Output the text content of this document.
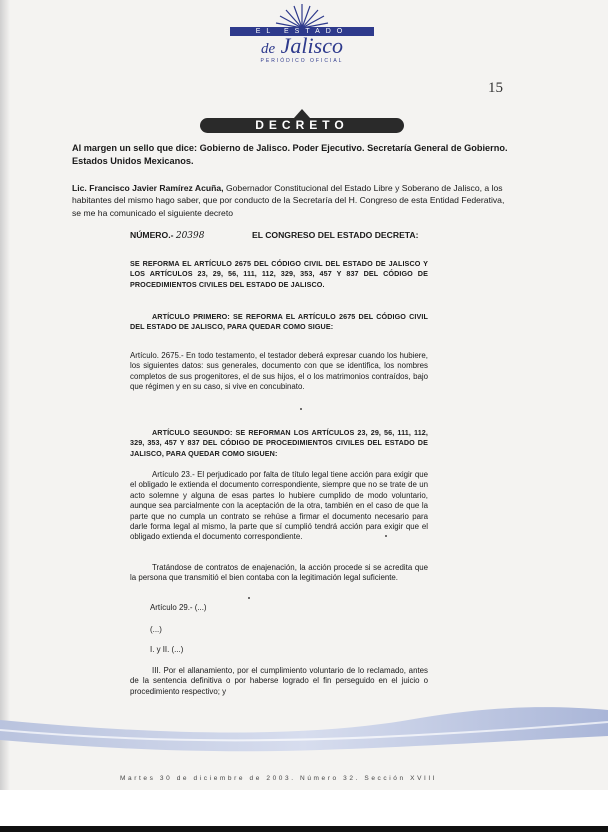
EL ESTADO
de Jalisco
PERIÓDICO OFICIAL
15
DECRETO
Al margen un sello que dice: Gobierno de Jalisco. Poder Ejecutivo. Secretaría General de Gobierno. Estados Unidos Mexicanos.
Lic. Francisco Javier Ramírez Acuña, Gobernador Constitucional del Estado Libre y Soberano de Jalisco, a los habitantes del mismo hago saber, que por conducto de la Secretaría del H. Congreso de esta Entidad Federativa, se me ha comunicado el siguiente decreto
NÚMERO.- 20398	EL CONGRESO DEL ESTADO DECRETA:
SE REFORMA EL ARTÍCULO 2675 DEL CÓDIGO CIVIL DEL ESTADO DE JALISCO Y LOS ARTÍCULOS 23, 29, 56, 111, 112, 329, 353, 457 Y 837 DEL CÓDIGO DE PROCEDIMIENTOS CIVILES DEL ESTADO DE JALISCO.
ARTÍCULO PRIMERO: SE REFORMA EL ARTÍCULO 2675 DEL CÓDIGO CIVIL DEL ESTADO DE JALISCO, PARA QUEDAR COMO SIGUE:
Artículo. 2675.- En todo testamento, el testador deberá expresar cuando los hubiere, los siguientes datos: sus generales, documento con que se identifica, los nombres completos de sus progenitores, el de sus hijos, el o los matrimonios contraídos, bajo que régimen y en su caso, si vive en concubinato.
ARTÍCULO SEGUNDO: SE REFORMAN LOS ARTÍCULOS 23, 29, 56, 111, 112, 329, 353, 457 Y 837 DEL CÓDIGO DE PROCEDIMIENTOS CIVILES DEL ESTADO DE JALISCO, PARA QUEDAR COMO SIGUEN:
Artículo 23.- El perjudicado por falta de título legal tiene acción para exigir que el obligado le extienda el documento correspondiente, siempre que no se trate de un acto solemne y alguna de esas partes lo hubiere cumplido de modo voluntario, aunque sea parcialmente con la aceptación de la otra, también en el caso de que la parte que no cumpla un contrato se rehúse a firmar el documento necesario para darle forma legal al mismo, la parte que sí cumplió tendrá acción para exigir que el obligado extienda el documento correspondiente.
Tratándose de contratos de enajenación, la acción procede si se acredita que la persona que transmitió el bien contaba con la legitimación legal suficiente.
Artículo 29.- (...)
(...)
I. y II. (...)
III. Por el allanamiento, por el cumplimiento voluntario de lo reclamado, antes de la sentencia definitiva o por haberse logrado el fin perseguido en el juicio o procedimiento respectivo; y
Martes 30 de diciembre de 2003. Número 32. Sección XVIII
